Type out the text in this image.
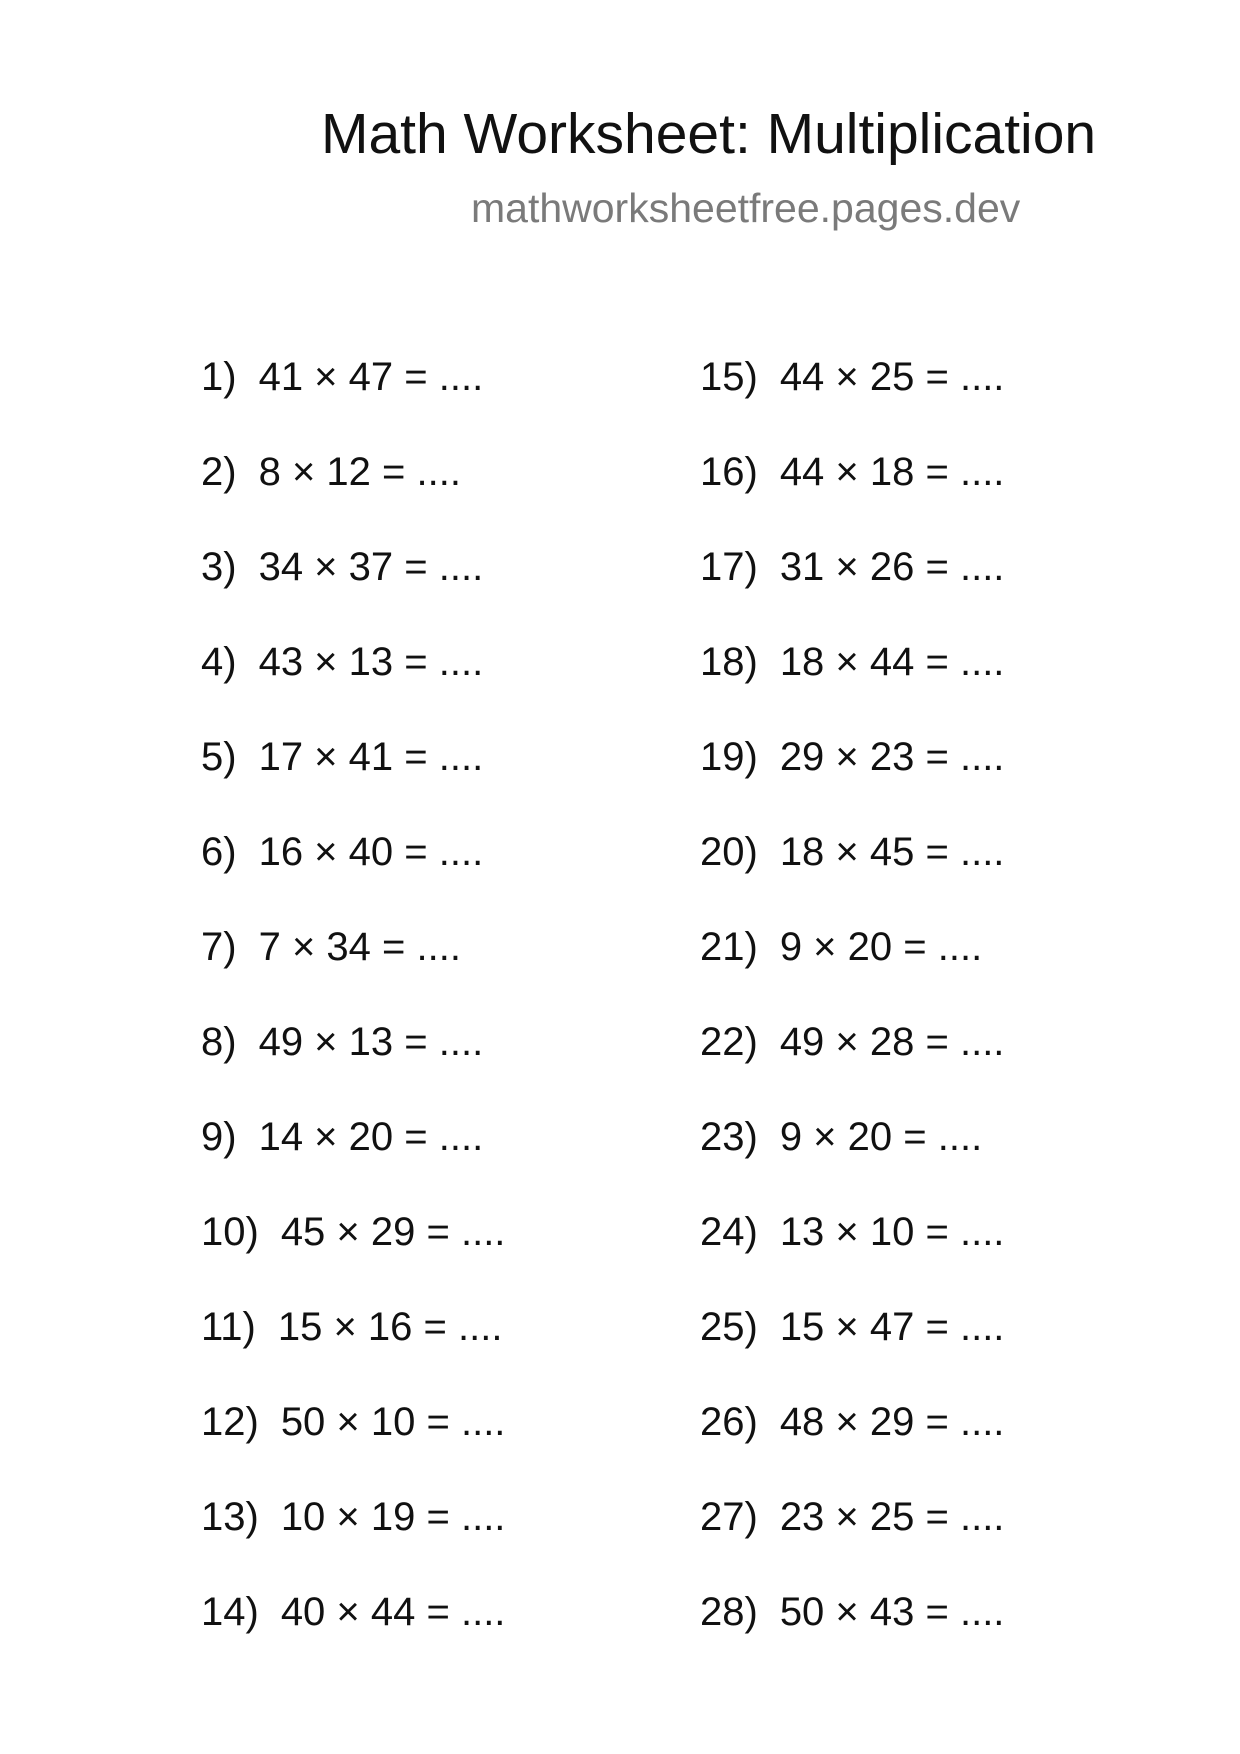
Math Worksheet: Multiplication

mathworksheetfree.pages.dev

1) 41 × 47 = ....
2) 8 × 12 = ....
3) 34 × 37 = ....
4) 43 × 13 = ....
5) 17 × 41 = ....
6) 16 × 40 = ....
7) 7 × 34 = ....
8) 49 × 13 = ....
9) 14 × 20 = ....
10) 45 × 29 = ....
11) 15 × 16 = ....
12) 50 × 10 = ....
13) 10 × 19 = ....
14) 40 × 44 = ....
15) 44 × 25 = ....
16) 44 × 18 = ....
17) 31 × 26 = ....
18) 18 × 44 = ....
19) 29 × 23 = ....
20) 18 × 45 = ....
21) 9 × 20 = ....
22) 49 × 28 = ....
23) 9 × 20 = ....
24) 13 × 10 = ....
25) 15 × 47 = ....
26) 48 × 29 = ....
27) 23 × 25 = ....
28) 50 × 43 = ....
